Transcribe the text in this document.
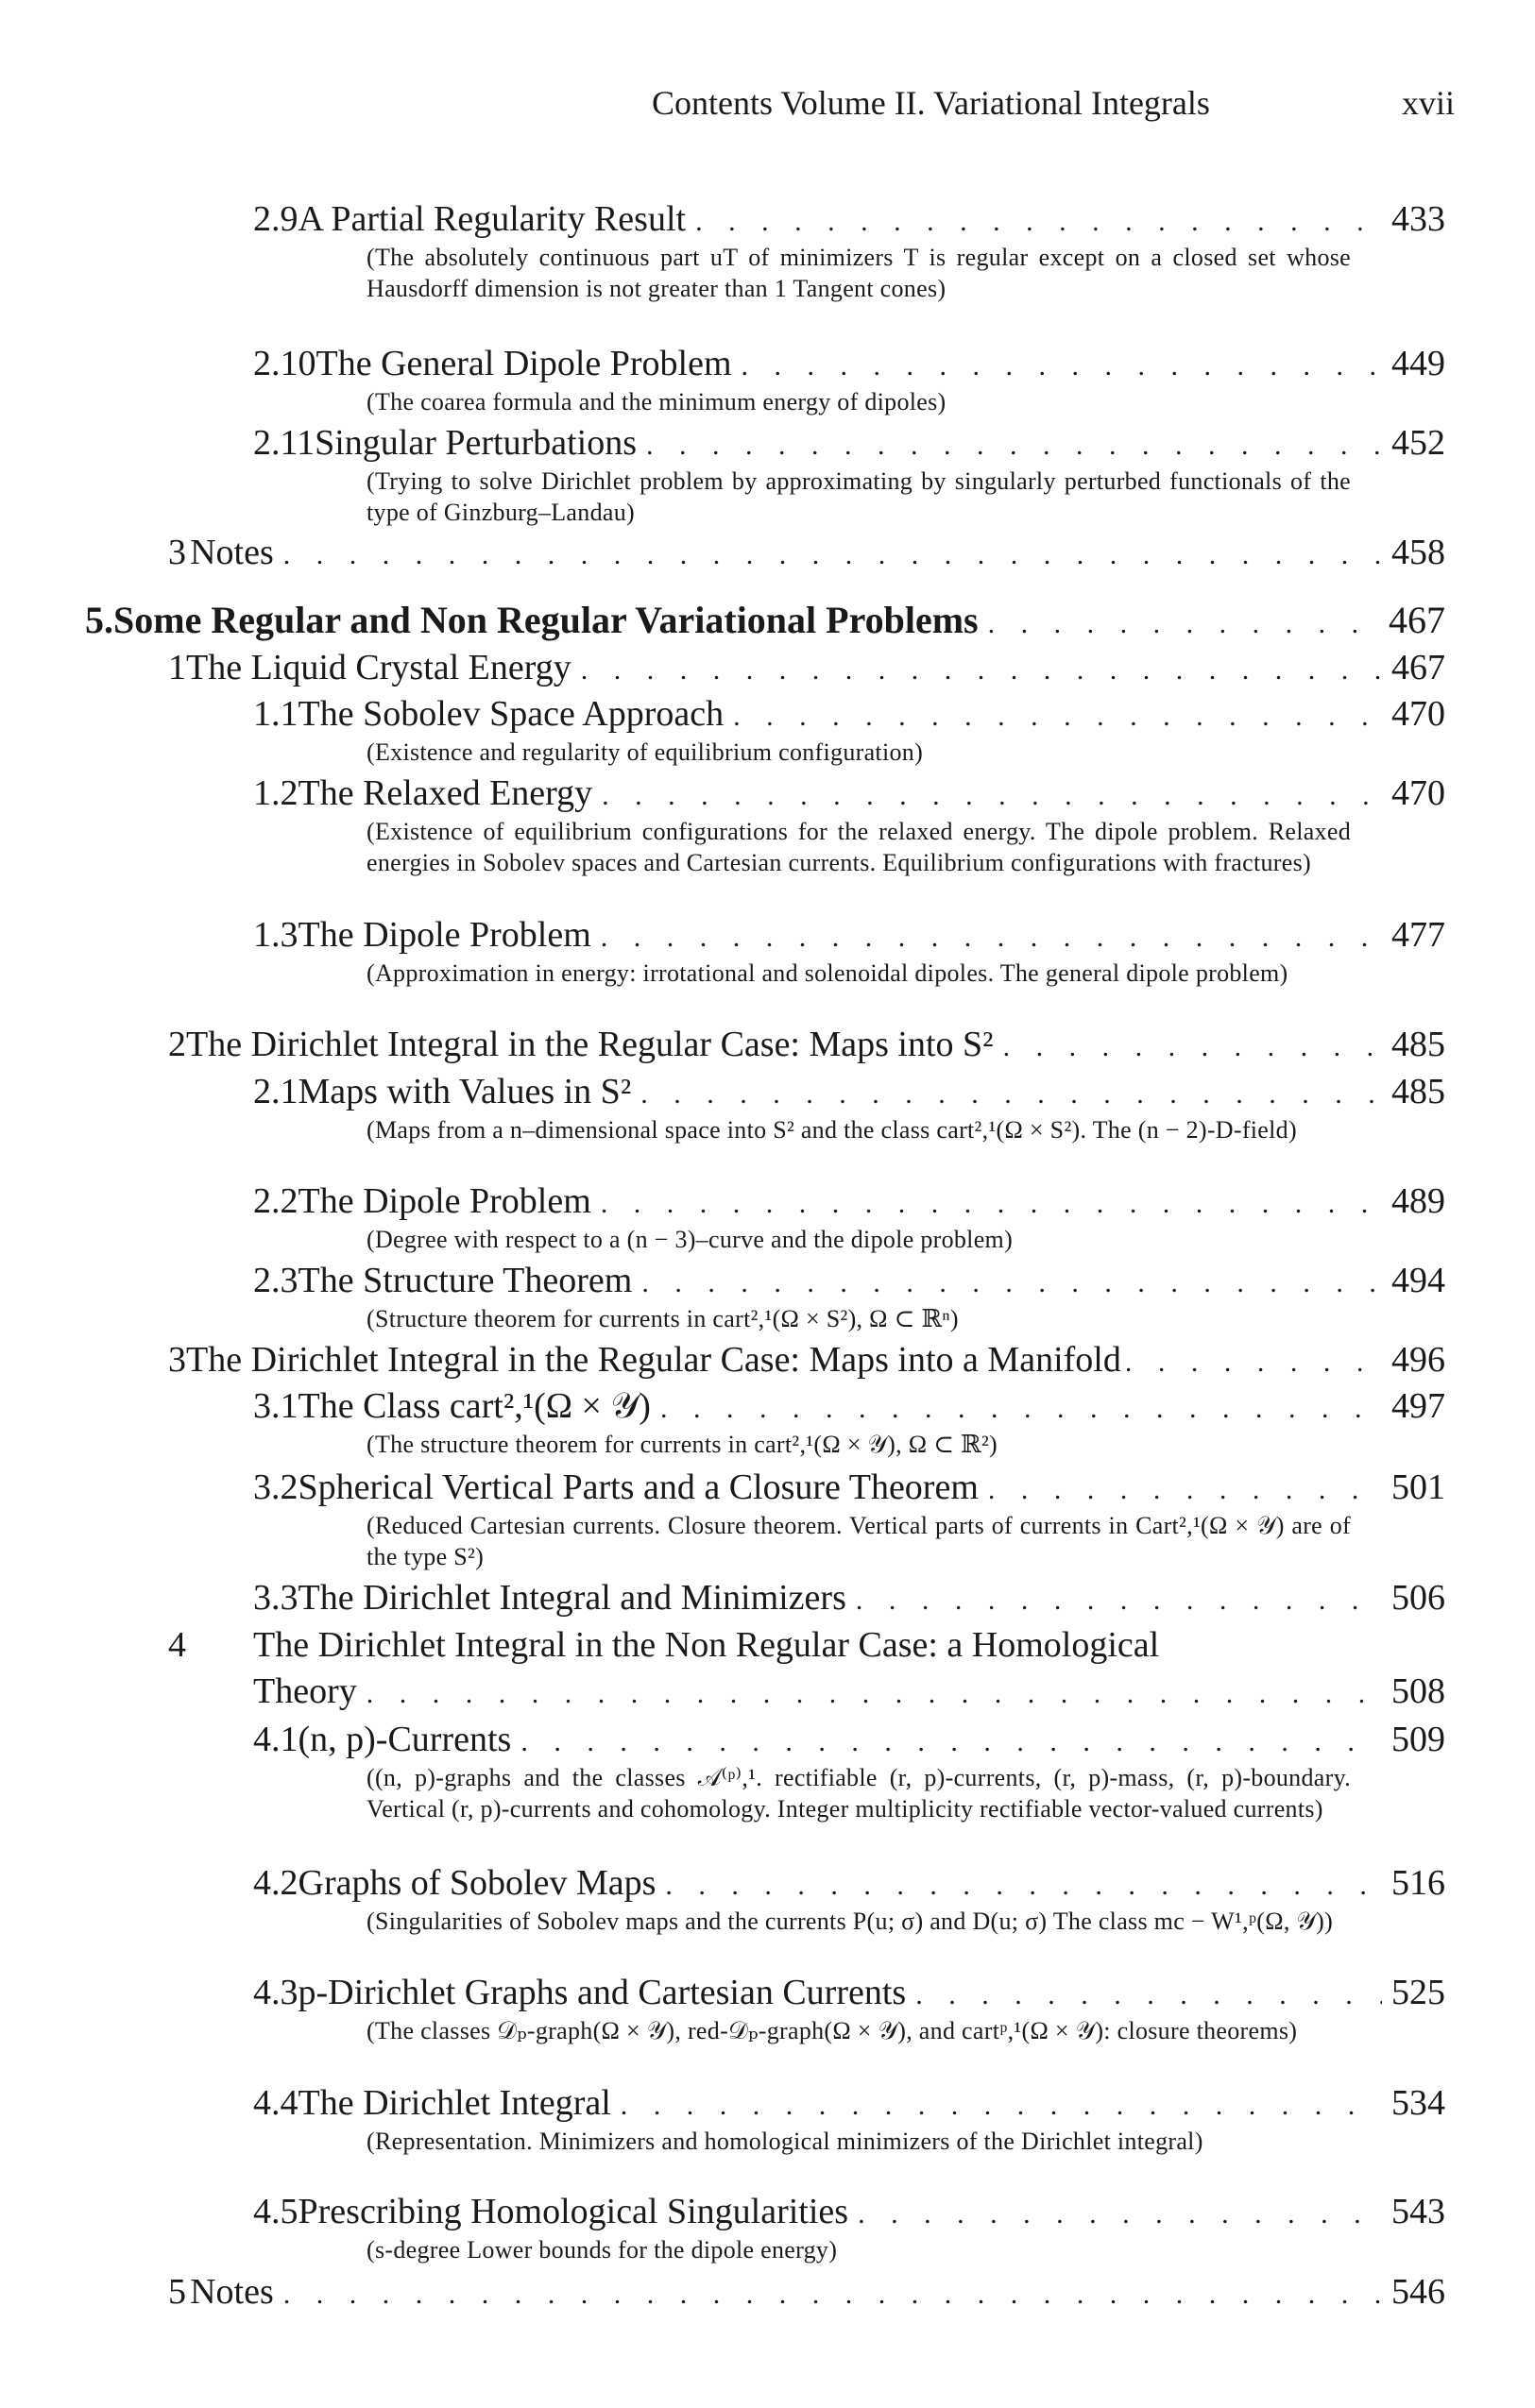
Contents Volume II. Variational Integrals	xvii
2.9 A Partial Regularity Result . . .	433
(The absolutely continuous part uT of minimizers T is regular except on a closed set whose Hausdorff dimension is not greater than 1 Tangent cones)
2.10 The General Dipole Problem . . .	449
(The coarea formula and the minimum energy of dipoles)
2.11 Singular Perturbations . . .	452
(Trying to solve Dirichlet problem by approximating by singularly perturbed functionals of the type of Ginzburg–Landau)
3 Notes . . .	458
5. Some Regular and Non Regular Variational Problems . . .	467
1 The Liquid Crystal Energy . . .	467
1.1 The Sobolev Space Approach . . .	470
(Existence and regularity of equilibrium configuration)
1.2 The Relaxed Energy . . .	470
(Existence of equilibrium configurations for the relaxed energy. The dipole problem. Relaxed energies in Sobolev spaces and Cartesian currents. Equilibrium configurations with fractures)
1.3 The Dipole Problem . . .	477
(Approximation in energy: irrotational and solenoidal dipoles. The general dipole problem)
2 The Dirichlet Integral in the Regular Case: Maps into S² . . .	485
2.1 Maps with Values in S² . . .	485
(Maps from a n–dimensional space into S² and the class cart²,¹(Ω × S²). The (n − 2)-D-field)
2.2 The Dipole Problem . . .	489
(Degree with respect to a (n − 3)–curve and the dipole problem)
2.3 The Structure Theorem . . .	494
(Structure theorem for currents in cart²,¹(Ω × S²), Ω ⊂ ℝⁿ)
3 The Dirichlet Integral in the Regular Case: Maps into a Manifold . . .	496
3.1 The Class cart²,¹(Ω × 𝒴) . . .	497
(The structure theorem for currents in cart²,¹(Ω × 𝒴), Ω ⊂ ℝ²)
3.2 Spherical Vertical Parts and a Closure Theorem . . .	501
(Reduced Cartesian currents. Closure theorem. Vertical parts of currents in Cart²,¹(Ω × 𝒴) are of the type S²)
3.3 The Dirichlet Integral and Minimizers . . .	506
4	The Dirichlet Integral in the Non Regular Case: a Homological
Theory . . .	508
4.1 (n, p)-Currents . . .	509
((n, p)-graphs and the classes 𝒜⁽ᵖ⁾,¹. rectifiable (r, p)-currents, (r, p)-mass, (r, p)-boundary. Vertical (r, p)-currents and cohomology. Integer multiplicity rectifiable vector-valued currents)
4.2 Graphs of Sobolev Maps . . .	516
(Singularities of Sobolev maps and the currents P(u; σ) and D(u; σ) The class mc − W¹,ᵖ(Ω, 𝒴))
4.3 p-Dirichlet Graphs and Cartesian Currents . . .	525
(The classes 𝒟ₚ-graph(Ω × 𝒴), red-𝒟ₚ-graph(Ω × 𝒴), and cartᵖ,¹(Ω × 𝒴): closure theorems)
4.4 The Dirichlet Integral . . .	534
(Representation. Minimizers and homological minimizers of the Dirichlet integral)
4.5 Prescribing Homological Singularities . . .	543
(s-degree Lower bounds for the dipole energy)
5 Notes . . .	546
